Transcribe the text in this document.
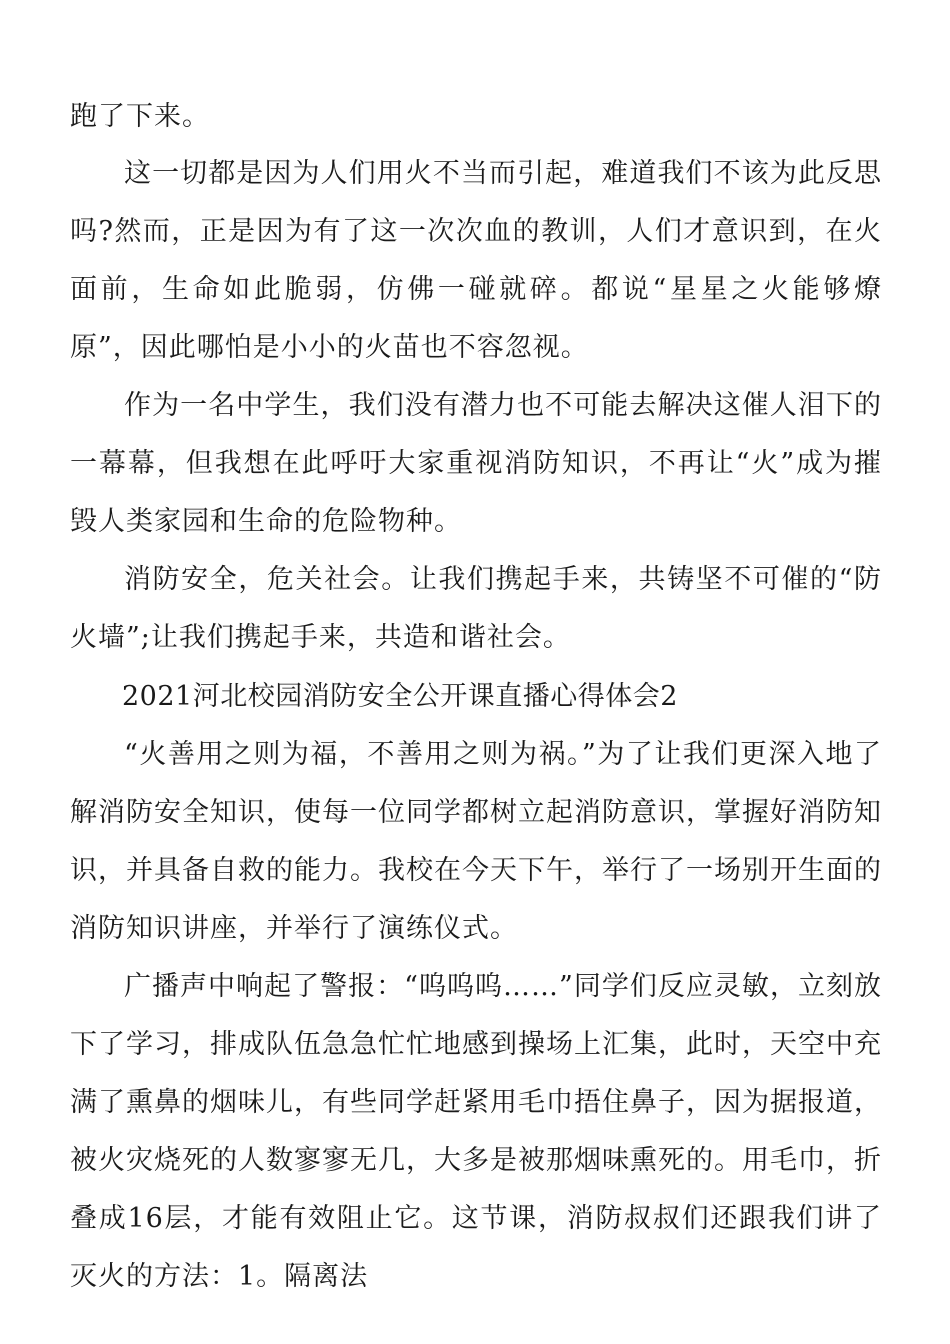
跑了下来。

这一切都是因为人们用火不当而引起，难道我们不该为此反思吗?然而，正是因为有了这一次次血的教训，人们才意识到，在火面前，生命如此脆弱，仿佛一碰就碎。都说“星星之火能够燎原”，因此哪怕是小小的火苗也不容忽视。

作为一名中学生，我们没有潜力也不可能去解决这催人泪下的一幕幕，但我想在此呼吁大家重视消防知识，不再让“火”成为摧毁人类家园和生命的危险物种。

消防安全，危关社会。让我们携起手来，共铸坚不可催的“防火墙”;让我们携起手来，共造和谐社会。

2021河北校园消防安全公开课直播心得体会2

“火善用之则为福，不善用之则为祸。”为了让我们更深入地了解消防安全知识，使每一位同学都树立起消防意识，掌握好消防知识，并具备自救的能力。我校在今天下午，举行了一场别开生面的消防知识讲座，并举行了演练仪式。

广播声中响起了警报：“呜呜呜……”同学们反应灵敏，立刻放下了学习，排成队伍急急忙忙地感到操场上汇集，此时，天空中充满了熏鼻的烟味儿，有些同学赶紧用毛巾捂住鼻子，因为据报道，被火灾烧死的人数寥寥无几，大多是被那烟味熏死的。用毛巾，折叠成16层，才能有效阻止它。这节课，消防叔叔们还跟我们讲了灭火的方法：1。隔离法
